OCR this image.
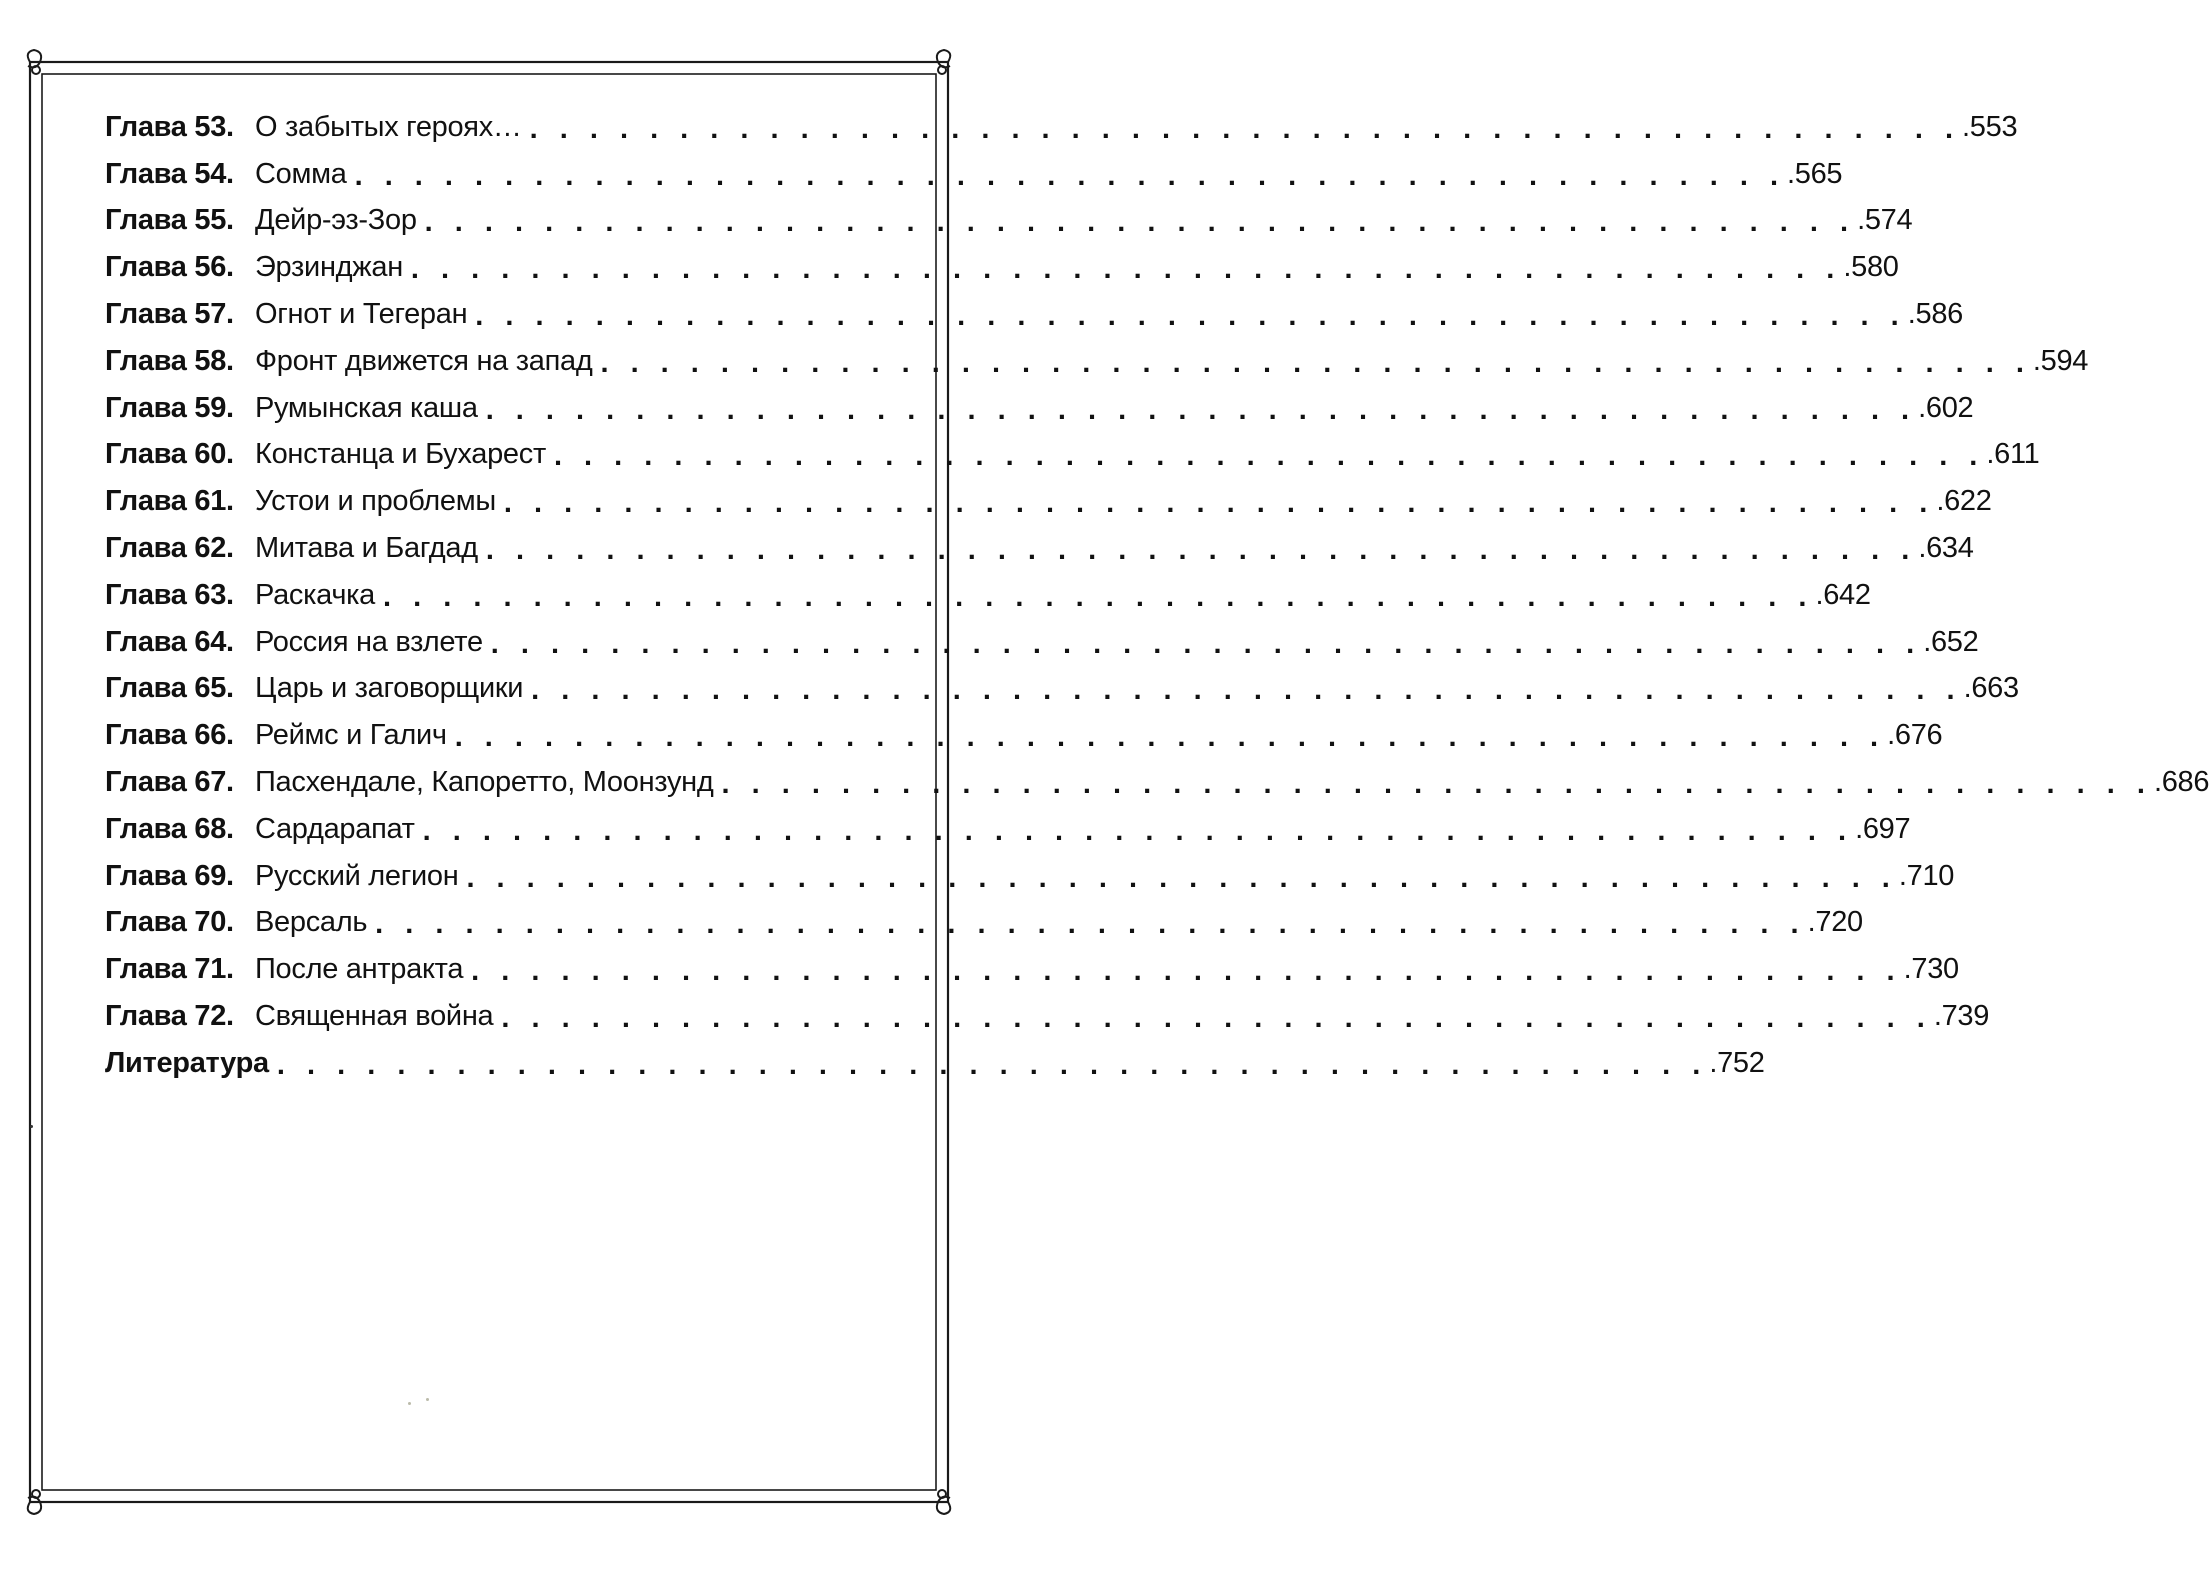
Глава 53. О забытых героях… . . . . . . . . . . . . . . . . . . . . . . . . . . . . . . . . . . . . . . . . . . . . . . . . .553
Глава 54. Сомма . . . . . . . . . . . . . . . . . . . . . . . . . . . . . . . . . . . . . . . . . . . . . . . . .565
Глава 55. Дейр-эз-Зор . . . . . . . . . . . . . . . . . . . . . . . . . . . . . . . . . . . . . . . . . . . . . . . . .574
Глава 56. Эрзинджан . . . . . . . . . . . . . . . . . . . . . . . . . . . . . . . . . . . . . . . . . . . . . . . . .580
Глава 57. Огнот и Тегеран . . . . . . . . . . . . . . . . . . . . . . . . . . . . . . . . . . . . . . . . . . . . . . . . .586
Глава 58. Фронт движется на запад . . . . . . . . . . . . . . . . . . . . . . . . . . . . . . . . . . . . . . . . . . . . . . . . .594
Глава 59. Румынская каша . . . . . . . . . . . . . . . . . . . . . . . . . . . . . . . . . . . . . . . . . . . . . . . . .602
Глава 60. Констанца и Бухарест . . . . . . . . . . . . . . . . . . . . . . . . . . . . . . . . . . . . . . . . . . . . . . . . .611
Глава 61. Устои и проблемы . . . . . . . . . . . . . . . . . . . . . . . . . . . . . . . . . . . . . . . . . . . . . . . . .622
Глава 62. Митава и Багдад . . . . . . . . . . . . . . . . . . . . . . . . . . . . . . . . . . . . . . . . . . . . . . . . .634
Глава 63. Раскачка . . . . . . . . . . . . . . . . . . . . . . . . . . . . . . . . . . . . . . . . . . . . . . . . .642
Глава 64. Россия на взлете . . . . . . . . . . . . . . . . . . . . . . . . . . . . . . . . . . . . . . . . . . . . . . . . .652
Глава 65. Царь и заговорщики . . . . . . . . . . . . . . . . . . . . . . . . . . . . . . . . . . . . . . . . . . . . . . . . .663
Глава 66. Реймс и Галич . . . . . . . . . . . . . . . . . . . . . . . . . . . . . . . . . . . . . . . . . . . . . . . . .676
Глава 67. Пасхендале, Капоретто, Моонзунд . . . . . . . . . . . . . . . . . . . . . . . . . . . . . . . . . . . . . . . . . . . . . . . . .686
Глава 68. Сардарапат . . . . . . . . . . . . . . . . . . . . . . . . . . . . . . . . . . . . . . . . . . . . . . . . .697
Глава 69. Русский легион . . . . . . . . . . . . . . . . . . . . . . . . . . . . . . . . . . . . . . . . . . . . . . . . .710
Глава 70. Версаль . . . . . . . . . . . . . . . . . . . . . . . . . . . . . . . . . . . . . . . . . . . . . . . . .720
Глава 71. После антракта . . . . . . . . . . . . . . . . . . . . . . . . . . . . . . . . . . . . . . . . . . . . . . . . .730
Глава 72. Священная война . . . . . . . . . . . . . . . . . . . . . . . . . . . . . . . . . . . . . . . . . . . . . . . . .739
Литература . . . . . . . . . . . . . . . . . . . . . . . . . . . . . . . . . . . . . . . . . . . . . . . . .752
